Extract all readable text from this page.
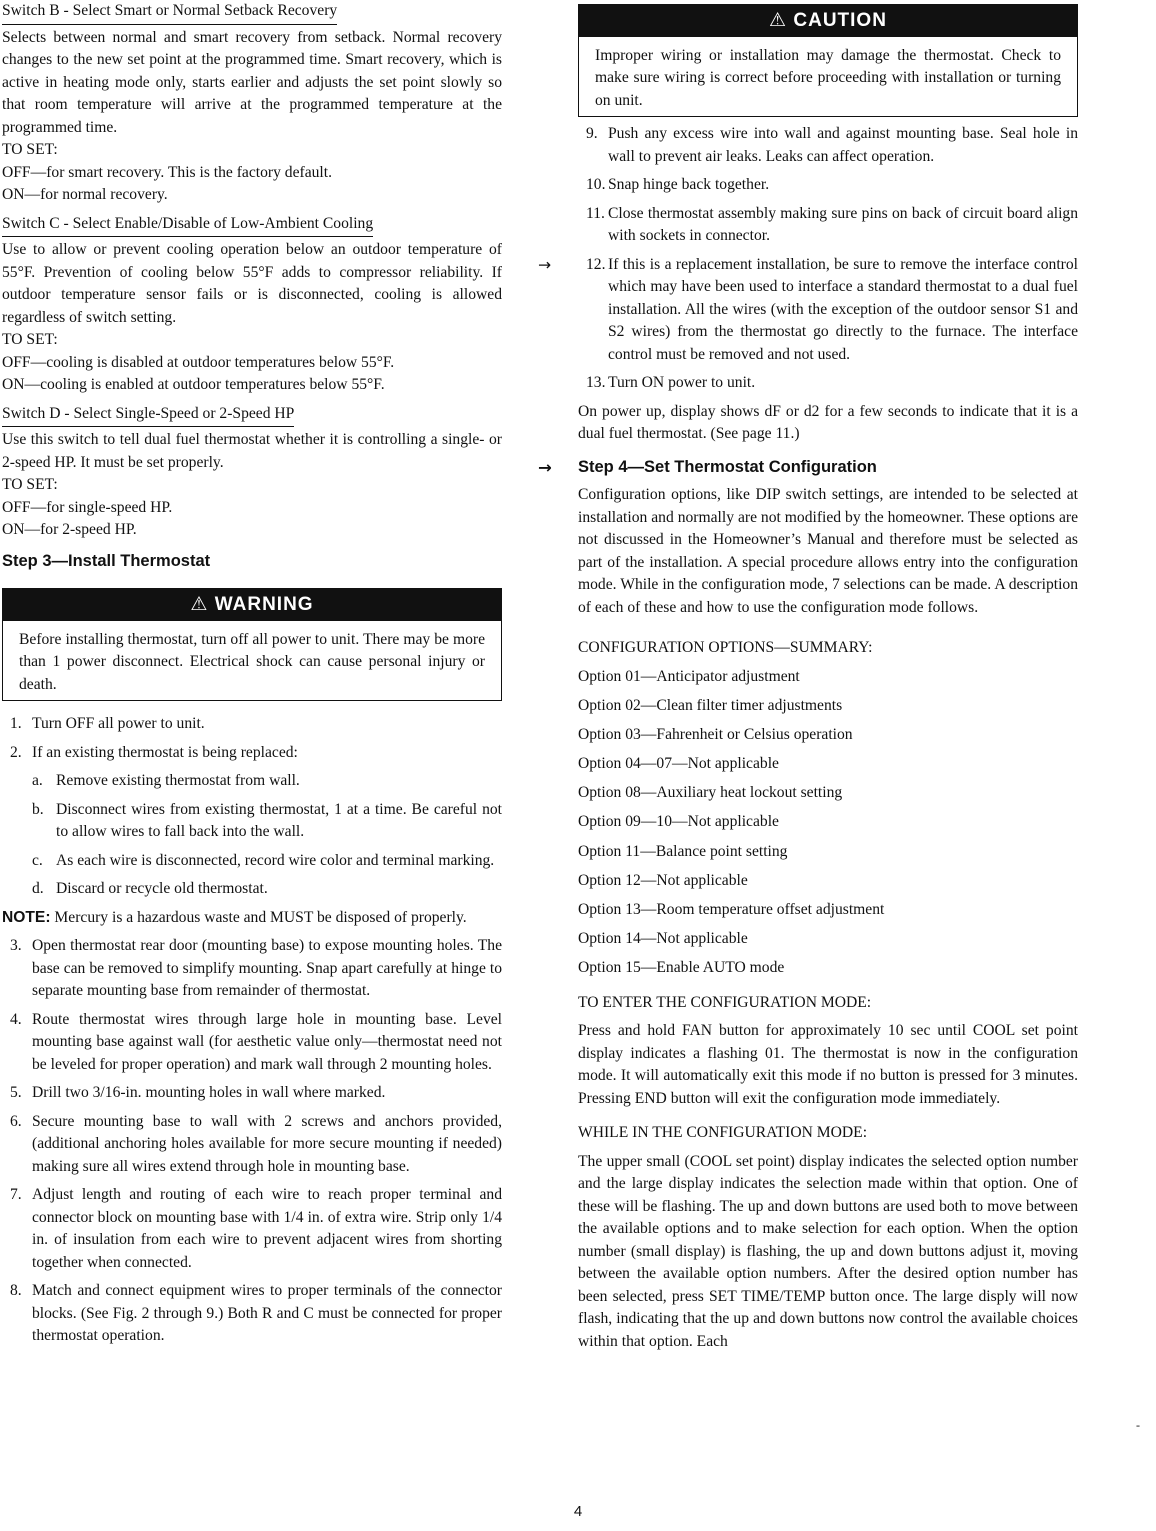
Switch B - Select Smart or Normal Setback Recovery

Selects between normal and smart recovery from setback. Normal recovery changes to the new set point at the programmed time. Smart recovery, which is active in heating mode only, starts earlier and adjusts the set point slowly so that room temperature will arrive at the programmed temperature at the programmed time.

TO SET:

OFF—for smart recovery. This is the factory default.

ON—for normal recovery.

Switch C - Select Enable/Disable of Low-Ambient Cooling

Use to allow or prevent cooling operation below an outdoor temperature of 55°F. Prevention of cooling below 55°F adds to compressor reliability. If outdoor temperature sensor fails or is disconnected, cooling is allowed regardless of switch setting.

TO SET:

OFF—cooling is disabled at outdoor temperatures below 55°F.

ON—cooling is enabled at outdoor temperatures below 55°F.

Switch D - Select Single-Speed or 2-Speed HP

Use this switch to tell dual fuel thermostat whether it is controlling a single- or 2-speed HP. It must be set properly.

TO SET:

OFF—for single-speed HP.

ON—for 2-speed HP.

Step 3—Install Thermostat

⚠ WARNING
Before installing thermostat, turn off all power to unit. There may be more than 1 power disconnect. Electrical shock can cause personal injury or death.
1. Turn OFF all power to unit.
2. If an existing thermostat is being replaced:
a. Remove existing thermostat from wall.
b. Disconnect wires from existing thermostat, 1 at a time. Be careful not to allow wires to fall back into the wall.
c. As each wire is disconnected, record wire color and terminal marking.
d. Discard or recycle old thermostat.

NOTE: Mercury is a hazardous waste and MUST be disposed of properly.

3. Open thermostat rear door (mounting base) to expose mounting holes. The base can be removed to simplify mounting. Snap apart carefully at hinge to separate mounting base from remainder of thermostat.
4. Route thermostat wires through large hole in mounting base. Level mounting base against wall (for aesthetic value only—thermostat need not be leveled for proper operation) and mark wall through 2 mounting holes.
5. Drill two 3/16-in. mounting holes in wall where marked.
6. Secure mounting base to wall with 2 screws and anchors provided, (additional anchoring holes available for more secure mounting if needed) making sure all wires extend through hole in mounting base.
7. Adjust length and routing of each wire to reach proper terminal and connector block on mounting base with 1/4 in. of extra wire. Strip only 1/4 in. of insulation from each wire to prevent adjacent wires from shorting together when connected.
8. Match and connect equipment wires to proper terminals of the connector blocks. (See Fig. 2 through 9.) Both R and C must be connected for proper thermostat operation.
⚠ CAUTION
Improper wiring or installation may damage the thermostat. Check to make sure wiring is correct before proceeding with installation or turning on unit.
9. Push any excess wire into wall and against mounting base. Seal hole in wall to prevent air leaks. Leaks can affect operation.
10. Snap hinge back together.
11. Close thermostat assembly making sure pins on back of circuit board align with sockets in connector.
→ 12. If this is a replacement installation, be sure to remove the interface control which may have been used to interface a standard thermostat to a dual fuel installation. All the wires (with the exception of the outdoor sensor S1 and S2 wires) from the thermostat go directly to the furnace. The interface control must be removed and not used.
13. Turn ON power to unit.

On power up, display shows dF or d2 for a few seconds to indicate that it is a dual fuel thermostat. (See page 11.)

→ Step 4—Set Thermostat Configuration

Configuration options, like DIP switch settings, are intended to be selected at installation and normally are not modified by the homeowner. These options are not discussed in the Homeowner’s Manual and therefore must be selected as part of the installation. A special procedure allows entry into the configuration mode. While in the configuration mode, 7 selections can be made. A description of each of these and how to use the configuration mode follows.

CONFIGURATION OPTIONS—SUMMARY:

Option 01—Anticipator adjustment

Option 02—Clean filter timer adjustments

Option 03—Fahrenheit or Celsius operation

Option 04—07—Not applicable

Option 08—Auxiliary heat lockout setting

Option 09—10—Not applicable

Option 11—Balance point setting

Option 12—Not applicable

Option 13—Room temperature offset adjustment

Option 14—Not applicable

Option 15—Enable AUTO mode

TO ENTER THE CONFIGURATION MODE:

Press and hold FAN button for approximately 10 sec until COOL set point display indicates a flashing 01. The thermostat is now in the configuration mode. It will automatically exit this mode if no button is pressed for 3 minutes. Pressing END button will exit the configuration mode immediately.

WHILE IN THE CONFIGURATION MODE:

The upper small (COOL set point) display indicates the selected option number and the large display indicates the selection made within that option. One of these will be flashing. The up and down buttons are used both to move between the available options and to make selection for each option. When the option number (small display) is flashing, the up and down buttons adjust it, moving between the available option numbers. After the desired option number has been selected, press SET TIME/TEMP button once. The large disply will now flash, indicating that the up and down buttons now control the available choices within that option. Each

-
4
